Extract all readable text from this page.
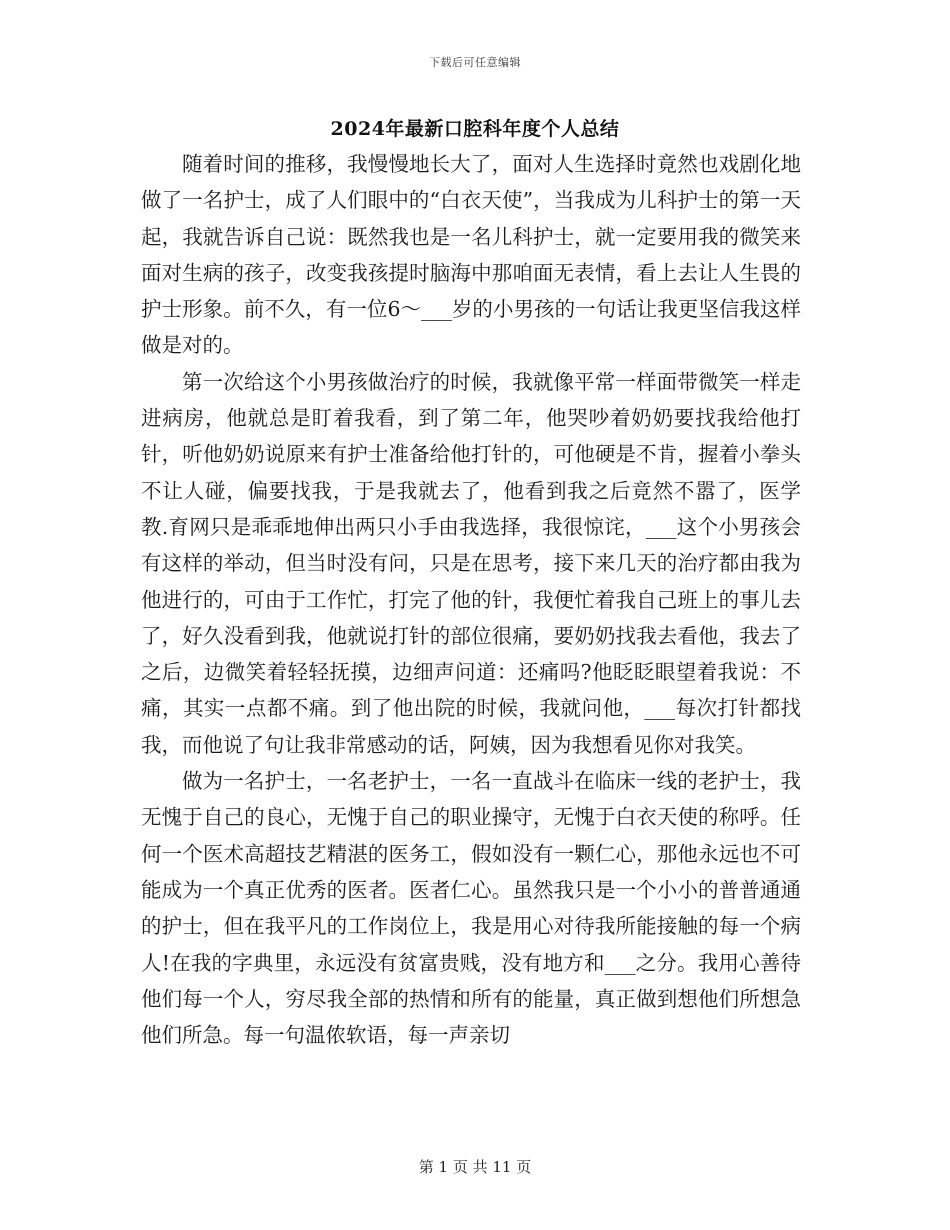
下载后可任意编辑
2024年最新口腔科年度个人总结

随着时间的推移，我慢慢地长大了，面对人生选择时竟然也戏剧化地做了一名护士，成了人们眼中的“白衣天使”，当我成为儿科护士的第一天起，我就告诉自己说：既然我也是一名儿科护士，就一定要用我的微笑来面对生病的孩子，改变我孩提时脑海中那咱面无表情，看上去让人生畏的护士形象。前不久，有一位6～___岁的小男孩的一句话让我更坚信我这样做是对的。

第一次给这个小男孩做治疗的时候，我就像平常一样面带微笑一样走进病房，他就总是盯着我看，到了第二年，他哭吵着奶奶要找我给他打针，听他奶奶说原来有护士准备给他打针的，可他硬是不肯，握着小拳头不让人碰，偏要找我，于是我就去了，他看到我之后竟然不嚣了，医学教.育网只是乖乖地伸出两只小手由我选择，我很惊诧，___这个小男孩会有这样的举动，但当时没有问，只是在思考，接下来几天的治疗都由我为他进行的，可由于工作忙，打完了他的针，我便忙着我自己班上的事儿去了，好久没看到我，他就说打针的部位很痛，要奶奶找我去看他，我去了之后，边微笑着轻轻抚摸，边细声问道：还痛吗?他眨眨眼望着我说：不痛，其实一点都不痛。到了他出院的时候，我就问他，___每次打针都找我，而他说了句让我非常感动的话，阿姨，因为我想看见你对我笑。

做为一名护士，一名老护士，一名一直战斗在临床一线的老护士，我无愧于自己的良心，无愧于自己的职业操守，无愧于白衣天使的称呼。任何一个医术高超技艺精湛的医务工，假如没有一颗仁心，那他永远也不可能成为一个真正优秀的医者。医者仁心。虽然我只是一个小小的普普通通的护士，但在我平凡的工作岗位上，我是用心对待我所能接触的每一个病人!在我的字典里，永远没有贫富贵贱，没有地方和___之分。我用心善待他们每一个人，穷尽我全部的热情和所有的能量，真正做到想他们所想急他们所急。每一句温侬软语，每一声亲切

第 1 页 共 11 页
